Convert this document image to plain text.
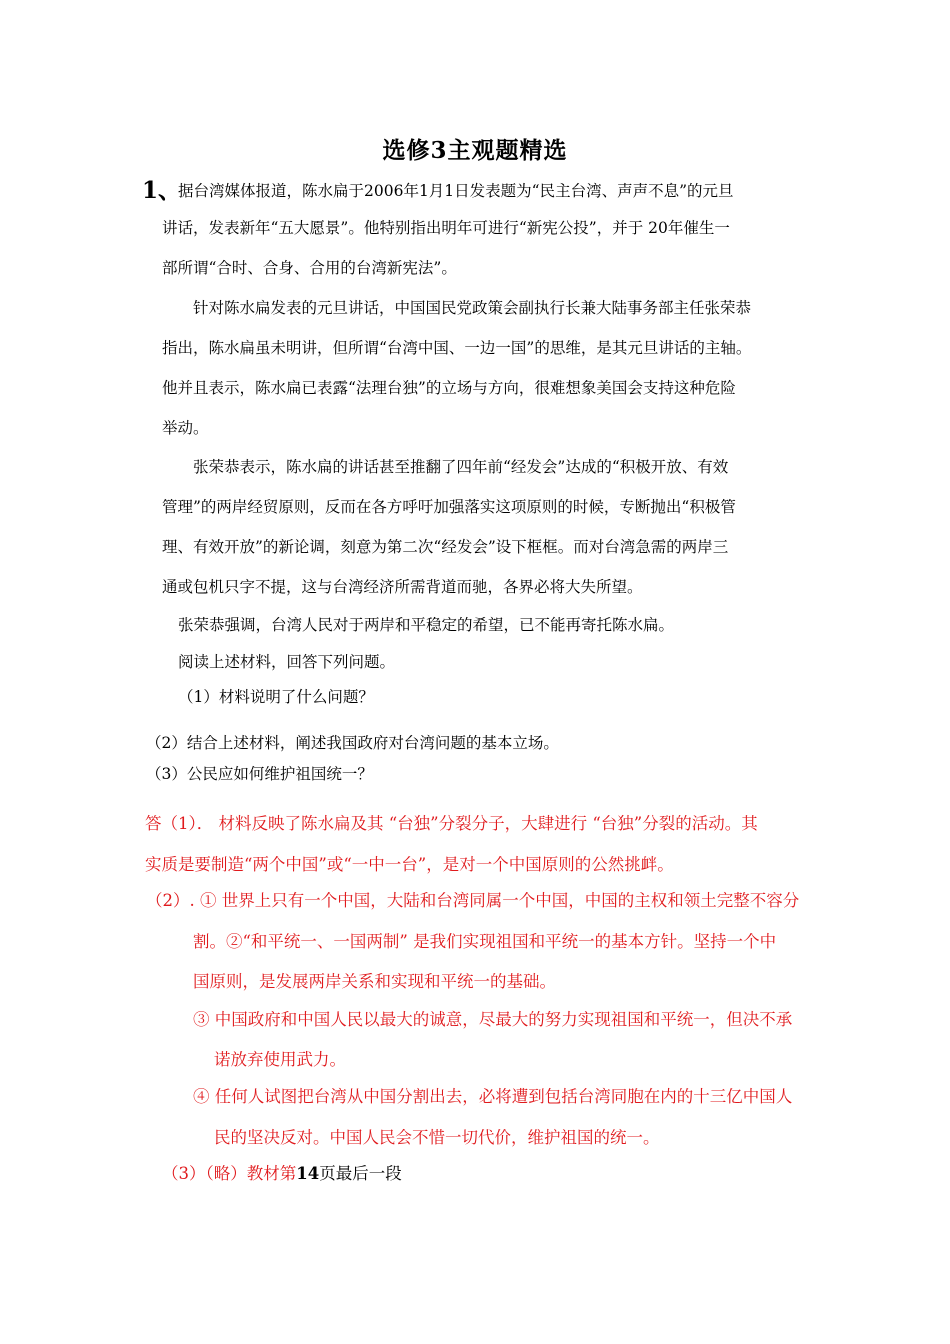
选修3主观题精选
1、
据台湾媒体报道，陈水扁于2006年1月1日发表题为“民主台湾、声声不息”的元旦
讲话，发表新年“五大愿景”。他特别指出明年可进行“新宪公投”，并于 20年催生一
部所谓“合时、合身、合用的台湾新宪法”。
针对陈水扁发表的元旦讲话，中国国民党政策会副执行长兼大陆事务部主任张荣恭
指出，陈水扁虽未明讲，但所谓“台湾中国、一边一国”的思维，是其元旦讲话的主轴。
他并且表示，陈水扁已表露“法理台独”的立场与方向，很难想象美国会支持这种危险
举动。
张荣恭表示，陈水扁的讲话甚至推翻了四年前“经发会”达成的“积极开放、有效
管理”的两岸经贸原则，反而在各方呼吁加强落实这项原则的时候，专断抛出“积极管
理、有效开放”的新论调，刻意为第二次“经发会”设下框框。而对台湾急需的两岸三
通或包机只字不提，这与台湾经济所需背道而驰，各界必将大失所望。
张荣恭强调，台湾人民对于两岸和平稳定的希望，已不能再寄托陈水扁。
阅读上述材料，回答下列问题。
（1）材料说明了什么问题？
（2）结合上述材料，阐述我国政府对台湾问题的基本立场。
（3）公民应如何维护祖国统一？
答（1）． 材料反映了陈水扁及其 “台独”分裂分子，大肆进行 “台独”分裂的活动。其
实质是要制造“两个中国”或“一中一台”，是对一个中国原则的公然挑衅。
（2）. ① 世界上只有一个中国，大陆和台湾同属一个中国，中国的主权和领土完整不容分
割。②“和平统一、一国两制” 是我们实现祖国和平统一的基本方针。坚持一个中
国原则，是发展两岸关系和实现和平统一的基础。
③ 中国政府和中国人民以最大的诚意，尽最大的努力实现祖国和平统一，但决不承
诺放弃使用武力。
④ 任何人试图把台湾从中国分割出去，必将遭到包括台湾同胞在内的十三亿中国人
民的坚决反对。中国人民会不惜一切代价，维护祖国的统一。
（3）（略）教材第14页最后一段
